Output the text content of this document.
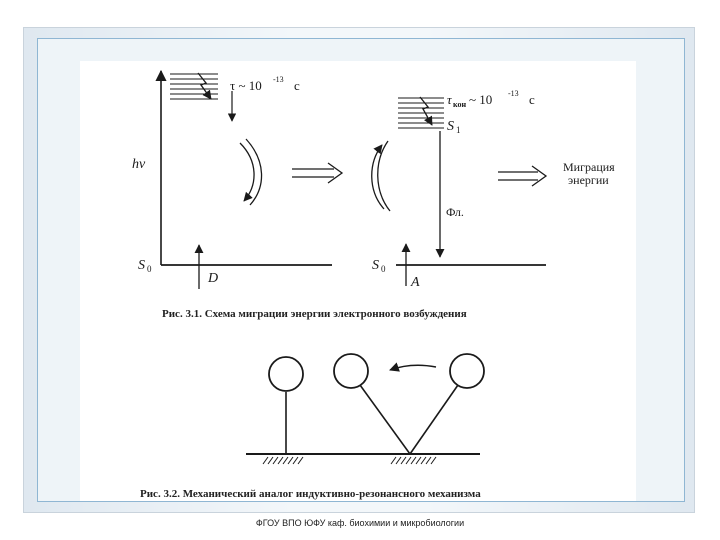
τ ~ 10 -13 с
hν
S 0
D
τ кон ~ 10 -13 с
S 1
Фл.
S 0
A
Миграция
энергии
Рис. 3.1. Схема миграции энергии электронного возбуждения
Рис. 3.2. Механический аналог индуктивно-резонансного механизма
ФГОУ ВПО ЮФУ каф. биохимии и микробиологии
